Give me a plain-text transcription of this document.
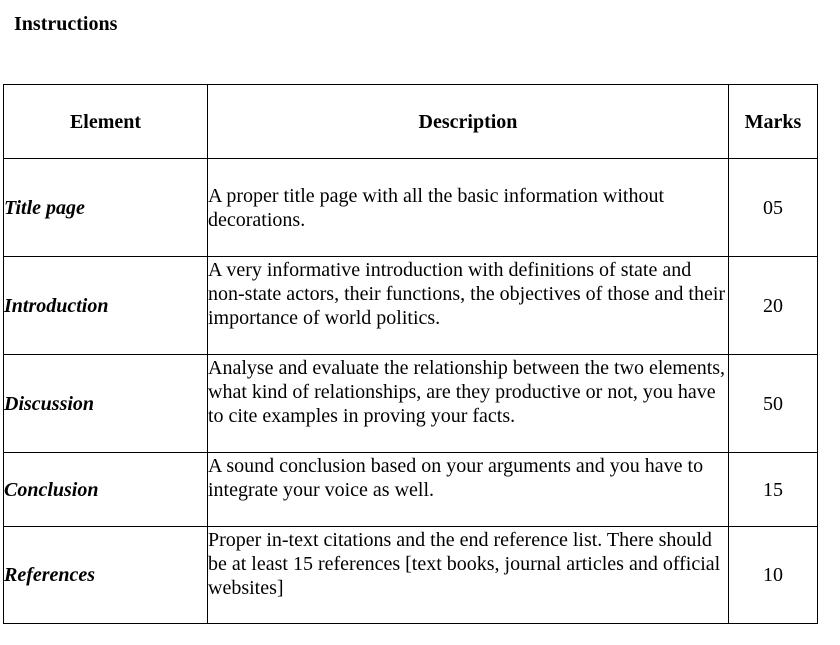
Instructions
Element	Description	Marks
Title page	A proper title page with all the basic information without decorations.	05
Introduction	A very informative introduction with definitions of state and non-state actors, their functions, the objectives of those and their importance of world politics.	20
Discussion	Analyse and evaluate the relationship between the two elements, what kind of relationships, are they productive or not, you have to cite examples in proving your facts.	50
Conclusion	A sound conclusion based on your arguments and you have to integrate your voice as well.	15
References	Proper in-text citations and the end reference list. There should be at least 15 references [text books, journal articles and official websites]	10
